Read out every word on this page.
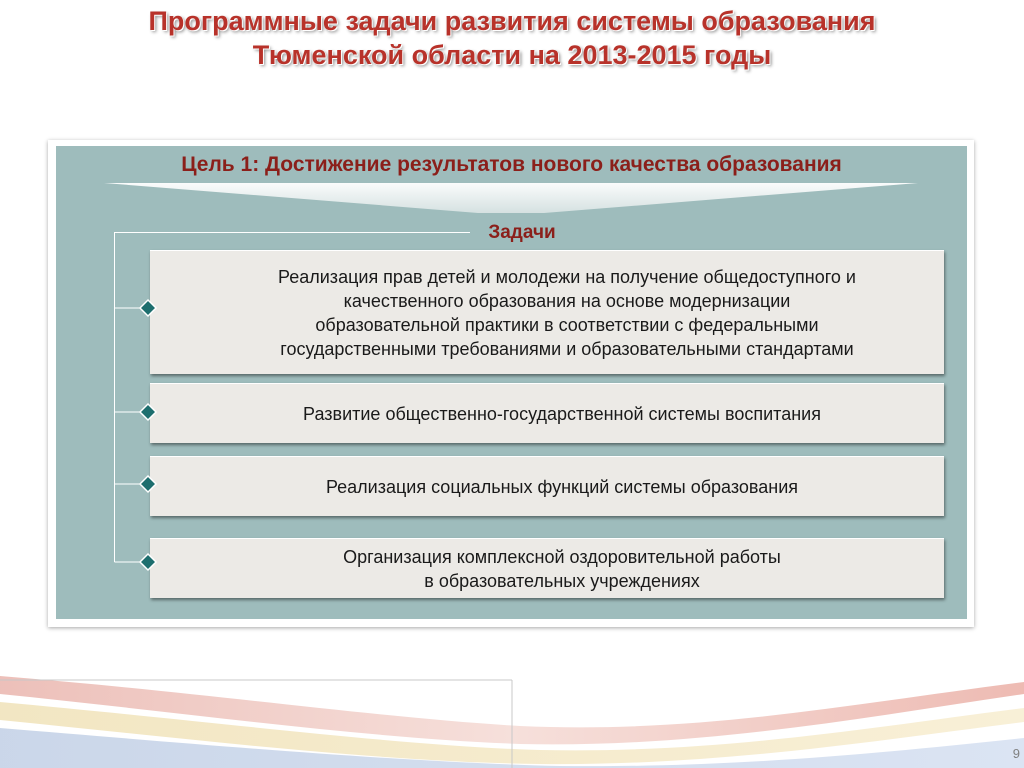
Программные задачи развития системы образования
Тюменской области на 2013-2015 годы
Цель 1: Достижение результатов нового качества образования
Задачи
Реализация прав детей и молодежи на получение общедоступного и
качественного образования на основе модернизации
образовательной практики в соответствии с федеральными
государственными требованиями и образовательными стандартами
Развитие общественно-государственной системы воспитания
Реализация социальных функций системы образования
Организация комплексной оздоровительной работы
в образовательных учреждениях
9
